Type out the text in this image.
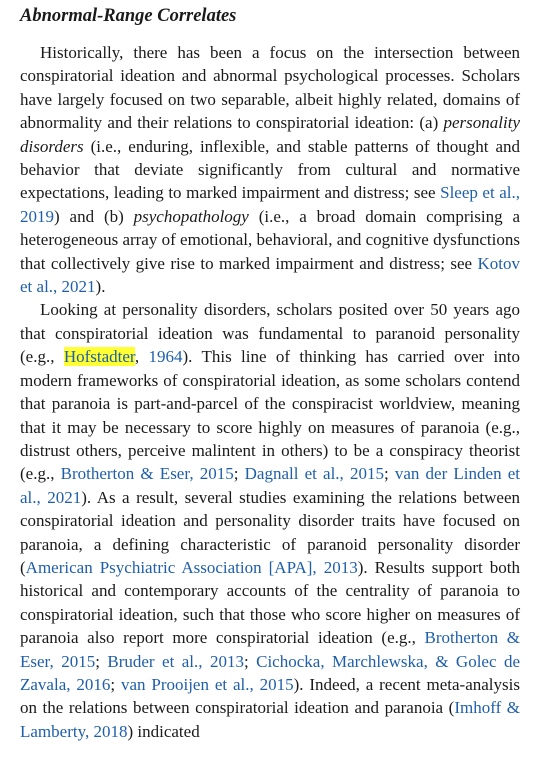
Abnormal-Range Correlates

Historically, there has been a focus on the intersection between conspiratorial ideation and abnormal psychological processes. Scholars have largely focused on two separable, albeit highly related, domains of abnormality and their relations to conspiratorial ideation: (a) personality disorders (i.e., enduring, inflexible, and stable patterns of thought and behavior that deviate significantly from cultural and normative expectations, leading to marked impairment and distress; see Sleep et al., 2019) and (b) psychopathology (i.e., a broad domain comprising a heterogeneous array of emotional, behavioral, and cognitive dysfunctions that collectively give rise to marked impairment and distress; see Kotov et al., 2021).

Looking at personality disorders, scholars posited over 50 years ago that conspiratorial ideation was fundamental to paranoid personality (e.g., Hofstadter, 1964). This line of thinking has carried over into modern frameworks of conspiratorial ideation, as some scholars contend that paranoia is part-and-parcel of the conspiracist worldview, meaning that it may be necessary to score highly on measures of paranoia (e.g., distrust others, perceive malintent in others) to be a conspiracy theorist (e.g., Brotherton & Eser, 2015; Dagnall et al., 2015; van der Linden et al., 2021). As a result, several studies examining the relations between conspiratorial ideation and personality disorder traits have focused on paranoia, a defining characteristic of paranoid personality disorder (American Psychiatric Association [APA], 2013). Results support both historical and contemporary accounts of the centrality of paranoia to conspiratorial ideation, such that those who score higher on measures of paranoia also report more conspiratorial ideation (e.g., Brotherton & Eser, 2015; Bruder et al., 2013; Cichocka, Marchlewska, & Golec de Zavala, 2016; van Prooijen et al., 2015). Indeed, a recent meta-analysis on the relations between conspiratorial ideation and paranoia (Imhoff & Lamberty, 2018) indicated
